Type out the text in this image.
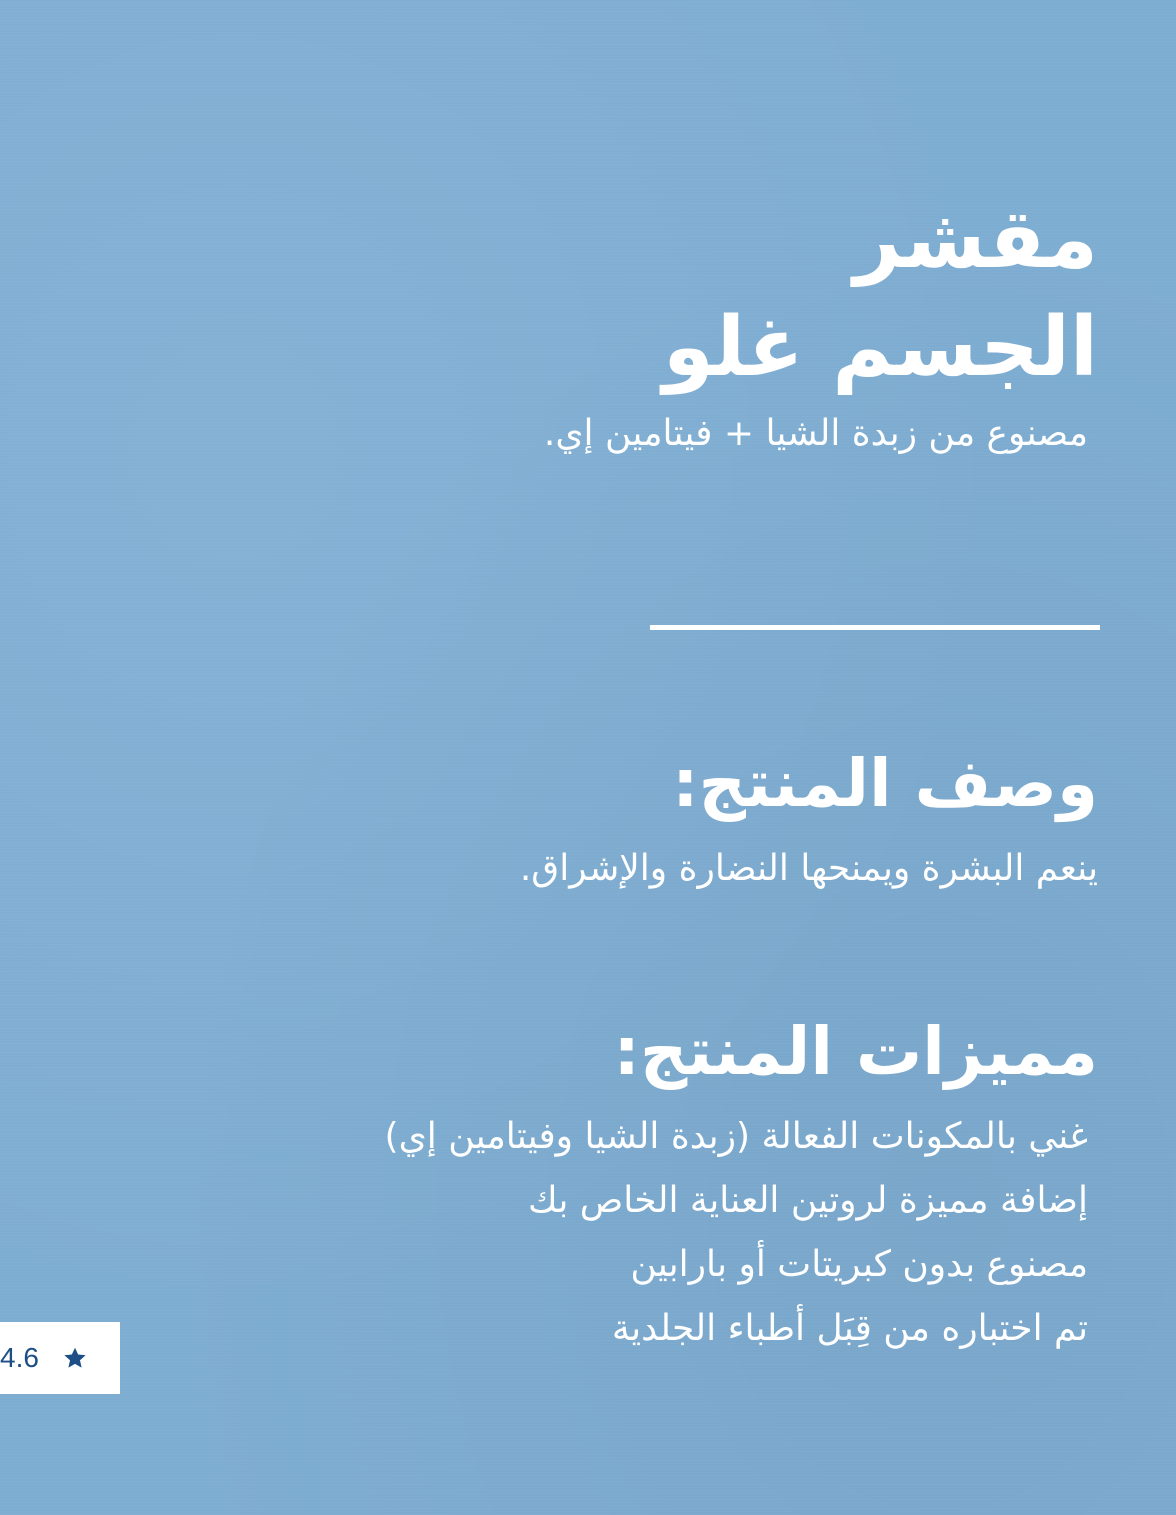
مقشر
الجسم غلو
مصنوع من زبدة الشيا + فيتامين إي.
وصف المنتج:
ينعم البشرة ويمنحها النضارة والإشراق.
مميزات المنتج:
غني بالمكونات الفعالة (زبدة الشيا وفيتامين إي)
إضافة مميزة لروتين العناية الخاص بك
مصنوع بدون كبريتات أو بارابين
تم اختباره من قِبَل أطباء الجلدية
4.6
